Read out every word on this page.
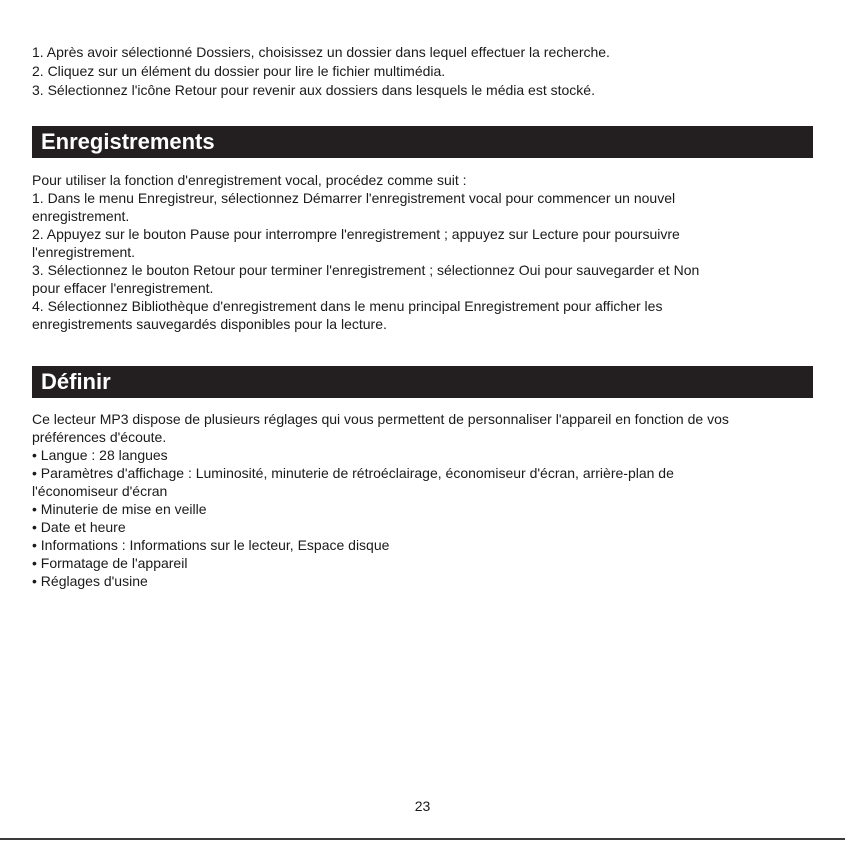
1. Après avoir sélectionné Dossiers, choisissez un dossier dans lequel effectuer la recherche.
2. Cliquez sur un élément du dossier pour lire le fichier multimédia.
3. Sélectionnez l'icône Retour pour revenir aux dossiers dans lesquels le média est stocké.
Enregistrements
Pour utiliser la fonction d'enregistrement vocal, procédez comme suit :
1. Dans le menu Enregistreur, sélectionnez Démarrer l'enregistrement vocal pour commencer un nouvel
enregistrement.
2. Appuyez sur le bouton Pause pour interrompre l'enregistrement ; appuyez sur Lecture pour poursuivre
l'enregistrement.
3. Sélectionnez le bouton Retour pour terminer l'enregistrement ; sélectionnez Oui pour sauvegarder et Non
pour effacer l'enregistrement.
4. Sélectionnez Bibliothèque d'enregistrement dans le menu principal Enregistrement pour afficher les
enregistrements sauvegardés disponibles pour la lecture.
Définir
Ce lecteur MP3 dispose de plusieurs réglages qui vous permettent de personnaliser l'appareil en fonction de vos
préférences d'écoute.
• Langue : 28 langues
• Paramètres d'affichage : Luminosité, minuterie de rétroéclairage, économiseur d'écran, arrière-plan de
l'économiseur d'écran
• Minuterie de mise en veille
• Date et heure
• Informations : Informations sur le lecteur, Espace disque
• Formatage de l'appareil
• Réglages d'usine
23
